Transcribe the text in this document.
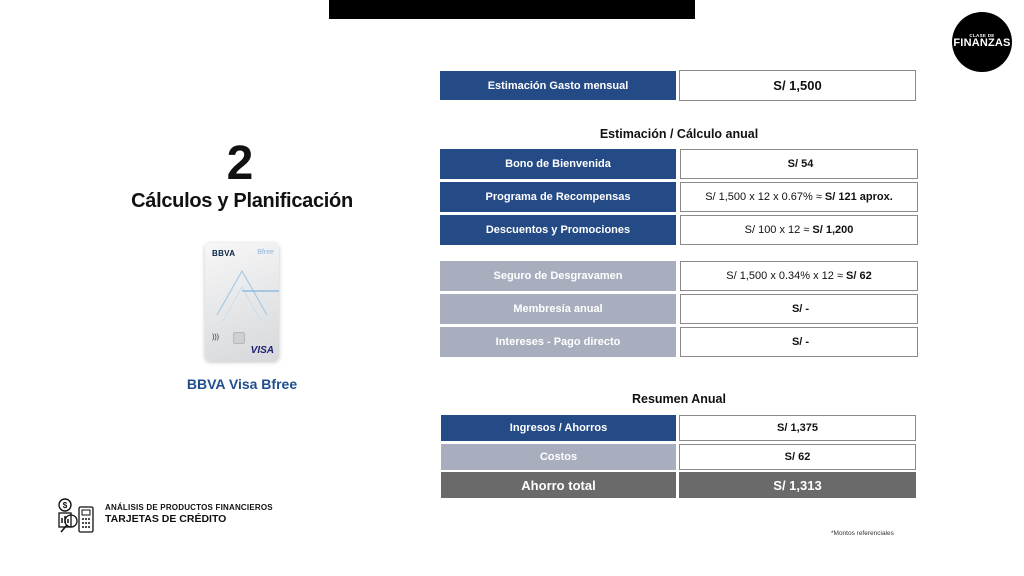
CLASE DE
FINANZAS
2
Cálculos y Planificación
BBVA	Bfree
)))
VISA
BBVA Visa Bfree
Estimación Gasto mensual	S/ 1,500
Estimación / Cálculo anual
Bono de Bienvenida	S/ 54
Programa de Recompensas	S/ 1,500 x 12 x 0.67% ≈ S/ 121 aprox.
Descuentos y Promociones	S/ 100 x 12 ≈ S/ 1,200
Seguro de Desgravamen	S/ 1,500 x 0.34% x 12 ≈ S/ 62
Membresía anual	S/ -
Intereses - Pago directo	S/ -
Resumen Anual
Ingresos / Ahorros	S/ 1,375
Costos	S/ 62
Ahorro total	S/ 1,313
$	ANÁLISIS DE PRODUCTOS FINANCIEROS
TARJETAS DE CRÉDITO
*Montos referenciales
